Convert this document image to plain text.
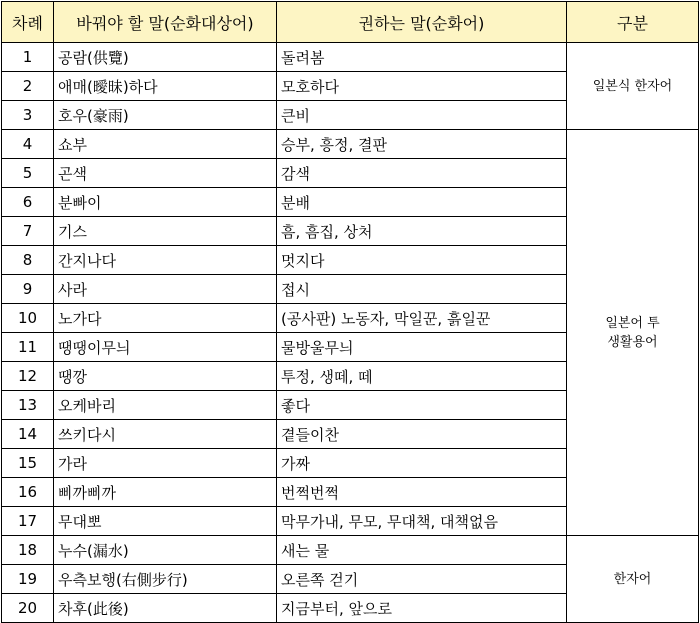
차례	바꿔야 할 말(순화대상어)	권하는 말(순화어)	구분
1	공람(供覽)	돌려봄	일본식 한자어
2	애매(曖昧)하다	모호하다	
3	호우(豪雨)	큰비	
4	쇼부	승부, 흥정, 결판	일본어 투
생활용어
5	곤색	감색	
6	분빠이	분배	
7	기스	흠, 흠집, 상처	
8	간지나다	멋지다	
9	사라	접시	
10	노가다	(공사판) 노동자, 막일꾼, 흙일꾼	
11	땡땡이무늬	물방울무늬	
12	땡깡	투정, 생떼, 떼	
13	오케바리	좋다	
14	쓰키다시	곁들이찬	
15	가라	가짜	
16	삐까삐까	번쩍번쩍	
17	무대뽀	막무가내, 무모, 무대책, 대책없음	
18	누수(漏水)	새는 물	한자어
19	우측보행(右側步行)	오른쪽 걷기	
20	차후(此後)	지금부터, 앞으로	
